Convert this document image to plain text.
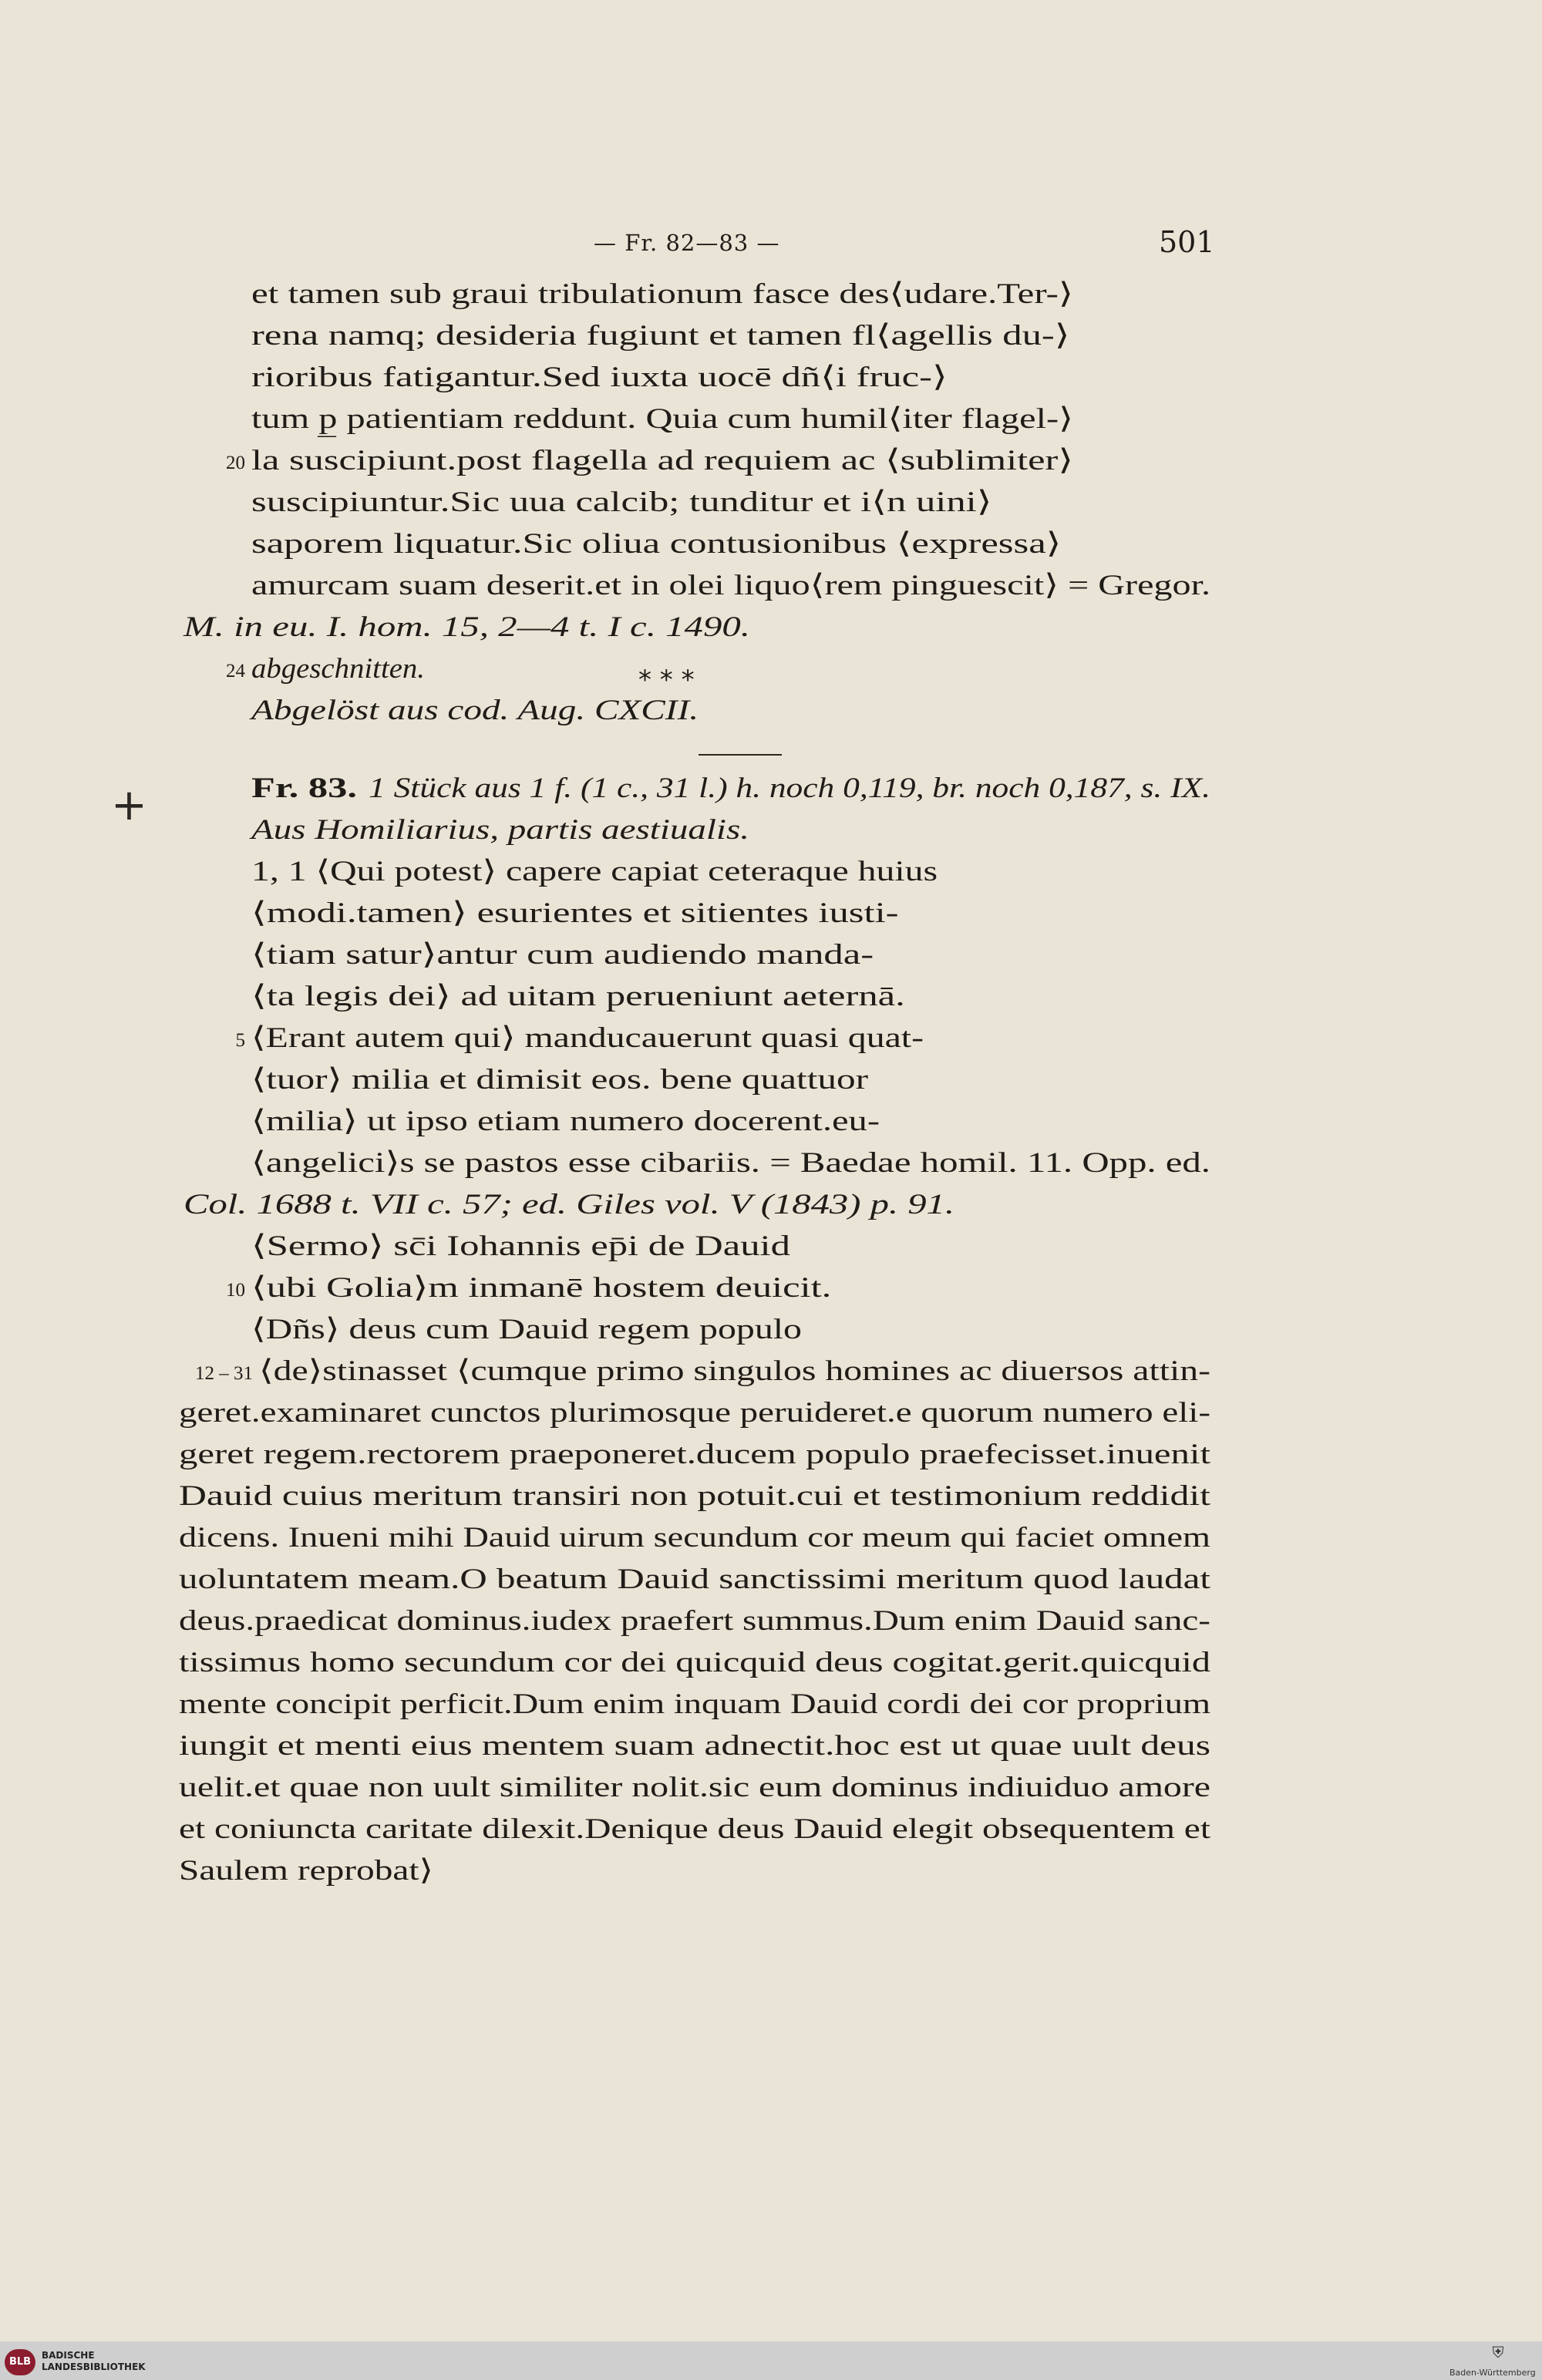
— Fr. 82—83 —	501
+
* * *
et tamen sub graui tribulationum fasce des⟨udare.Ter-⟩
rena namq; desideria fugiunt et tamen fl⟨agellis du-⟩
rioribus fatigantur.Sed iuxta uocē dñ⟨i fruc-⟩
tum p̲ patientiam reddunt. Quia cum humil⟨iter flagel-⟩
la suscipiunt.post flagella ad requiem ac ⟨sublimiter⟩
20
suscipiuntur.Sic uua calcib; tunditur et i⟨n uini⟩
saporem liquatur.Sic oliua contusionibus ⟨expressa⟩
amurcam suam deserit.et in olei liquo⟨rem pinguescit⟩ = Gregor.
M. in eu. I. hom. 15, 2—4 t. I c. 1490.
abgeschnitten.
24
Abgelöst aus cod. Aug. CXCII.
Fr. 83. 1 Stück aus 1 f. (1 c., 31 l.) h. noch 0,119, br. noch 0,187, s. IX.
Aus Homiliarius, partis aestiualis.
1, 1 ⟨Qui potest⟩ capere capiat ceteraque huius
⟨modi.tamen⟩ esurientes et sitientes iusti-
⟨tiam satur⟩antur cum audiendo manda-
⟨ta legis dei⟩ ad uitam perueniunt aeternā.
⟨Erant autem qui⟩ manducauerunt quasi quat-
5
⟨tuor⟩ milia et dimisit eos. bene quattuor
⟨milia⟩ ut ipso etiam numero docerent.eu-
⟨angelici⟩s se pastos esse cibariis. = Baedae homil. 11. Opp. ed.
Col. 1688 t. VII c. 57; ed. Giles vol. V (1843) p. 91.
⟨Sermo⟩ sc̄i Iohannis ep̄i de Dauid
⟨ubi Golia⟩m inmanē hostem deuicit.
10
⟨Dñs⟩ deus cum Dauid regem populo
⟨de⟩stinasset ⟨cumque primo singulos homines ac diuersos attin-
12 – 31
geret.examinaret cunctos plurimosque peruideret.e quorum numero eli-
geret regem.rectorem praeponeret.ducem populo praefecisset.inuenit
Dauid cuius meritum transiri non potuit.cui et testimonium reddidit
dicens. Inueni mihi Dauid uirum secundum cor meum qui faciet omnem
uoluntatem meam.O beatum Dauid sanctissimi meritum quod laudat
deus.praedicat dominus.iudex praefert summus.Dum enim Dauid sanc-
tissimus homo secundum cor dei quicquid deus cogitat.gerit.quicquid
mente concipit perficit.Dum enim inquam Dauid cordi dei cor proprium
iungit et menti eius mentem suam adnectit.hoc est ut quae uult deus
uelit.et quae non uult similiter nolit.sic eum dominus indiuiduo amore
et coniuncta caritate dilexit.Denique deus Dauid elegit obsequentem et
Saulem reprobat⟩
BLB
BADISCHE
LANDESBIBLIOTHEK
⛨
Baden-Württemberg
